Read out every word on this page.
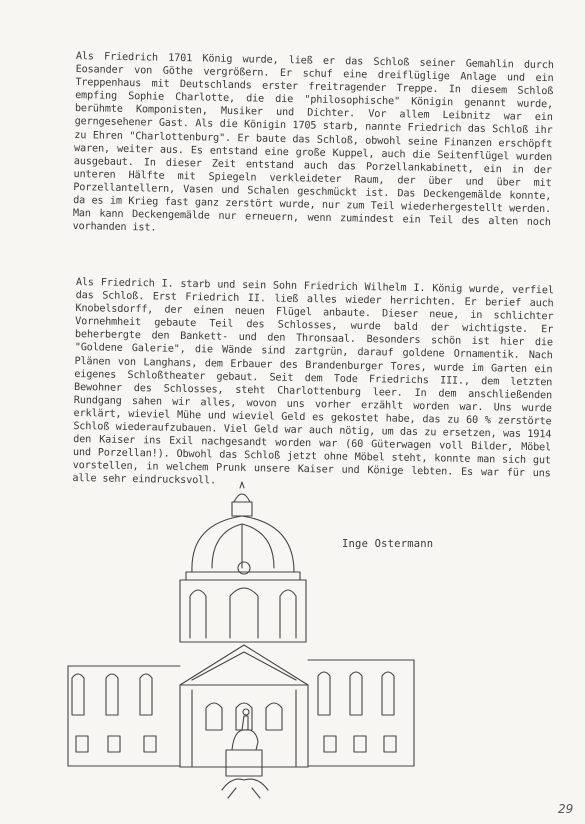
Als Friedrich 1701 König wurde, ließ er das Schloß seiner Gemahlin durch Eosander von Göthe vergrößern. Er schuf eine dreiflüglige Anlage und ein Treppenhaus mit Deutschlands erster freitragender Treppe. In diesem Schloß empfing Sophie Charlotte, die die "philosophische" Königin genannt wurde, berühmte Komponisten, Musiker und Dichter. Vor allem Leibnitz war ein gerngesehener Gast. Als die Königin 1705 starb, nannte Friedrich das Schloß ihr zu Ehren "Charlottenburg". Er baute das Schloß, obwohl seine Finanzen erschöpft waren, weiter aus. Es entstand eine große Kuppel, auch die Seitenflügel wurden ausgebaut. In dieser Zeit entstand auch das Porzellankabinett, ein in der unteren Hälfte mit Spiegeln verkleideter Raum, der über und über mit Porzellantellern, Vasen und Schalen geschmückt ist. Das Deckengemälde konnte, da es im Krieg fast ganz zerstört wurde, nur zum Teil wiederhergestellt werden. Man kann Deckengemälde nur erneuern, wenn zumindest ein Teil des alten noch vorhanden ist.

Als Friedrich I. starb und sein Sohn Friedrich Wilhelm I. König wurde, verfiel das Schloß. Erst Friedrich II. ließ alles wieder herrichten. Er berief auch Knobelsdorff, der einen neuen Flügel anbaute. Dieser neue, in schlichter Vornehmheit gebaute Teil des Schlosses, wurde bald der wichtigste. Er beherbergte den Bankett- und den Thronsaal. Besonders schön ist hier die "Goldene Galerie", die Wände sind zartgrün, darauf goldene Ornamentik. Nach Plänen von Langhans, dem Erbauer des Brandenburger Tores, wurde im Garten ein eigenes Schloßtheater gebaut. Seit dem Tode Friedrichs III., dem letzten Bewohner des Schlosses, steht Charlottenburg leer. In dem anschließenden Rundgang sahen wir alles, wovon uns vorher erzählt worden war. Uns wurde erklärt, wieviel Mühe und wieviel Geld es gekostet habe, das zu 60 % zerstörte Schloß wiederaufzubauen. Viel Geld war auch nötig, um das zu ersetzen, was 1914 den Kaiser ins Exil nachgesandt worden war (60 Güterwagen voll Bilder, Möbel und Porzellan!). Obwohl das Schloß jetzt ohne Möbel steht, konnte man sich gut vorstellen, in welchem Prunk unsere Kaiser und Könige lebten. Es war für uns alle sehr eindrucksvoll.

Inge Ostermann
29
